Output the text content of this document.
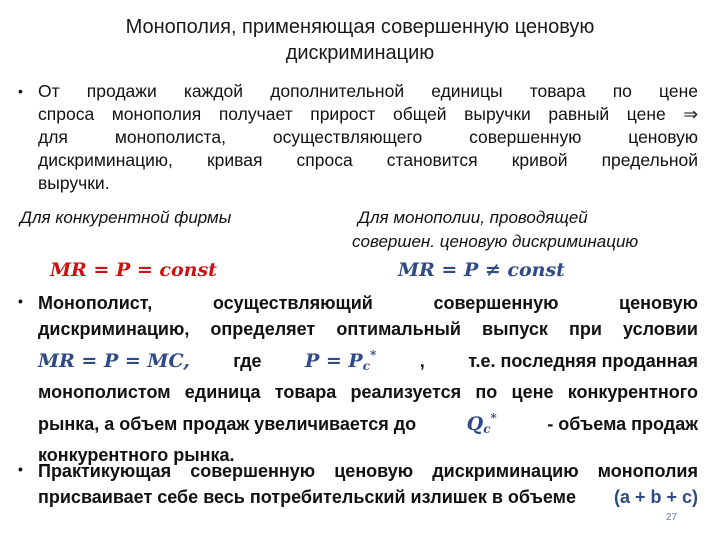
Монополия, применяющая совершенную ценовую
дискриминацию
• От продажи каждой дополнительной единицы товара по цене
спроса монополия получает прирост общей выручки равный цене ⇒
для монополиста, осуществляющего совершенную ценовую
дискриминацию, кривая спроса становится кривой предельной
выручки.
Для конкурентной фирмы	Для монополии, проводящей
совершен. ценовую дискриминацию
MR = P = const	MR = P ≠ const
• Монополист, осуществляющий совершенную ценовую
дискриминацию, определяет оптимальный выпуск при условии
MR = P = MC, где $P = P_c^*$ , т.е. последняя проданная
монополистом единица товара реализуется по цене конкурентного
рынка, а объем продаж увеличивается до	$Q_c^*$	- объема продаж
конкурентного рынка.
• Практикующая совершенную ценовую дискриминацию монополия
присваивает себе весь потребительский излишек в объеме (a + b + c)
27
